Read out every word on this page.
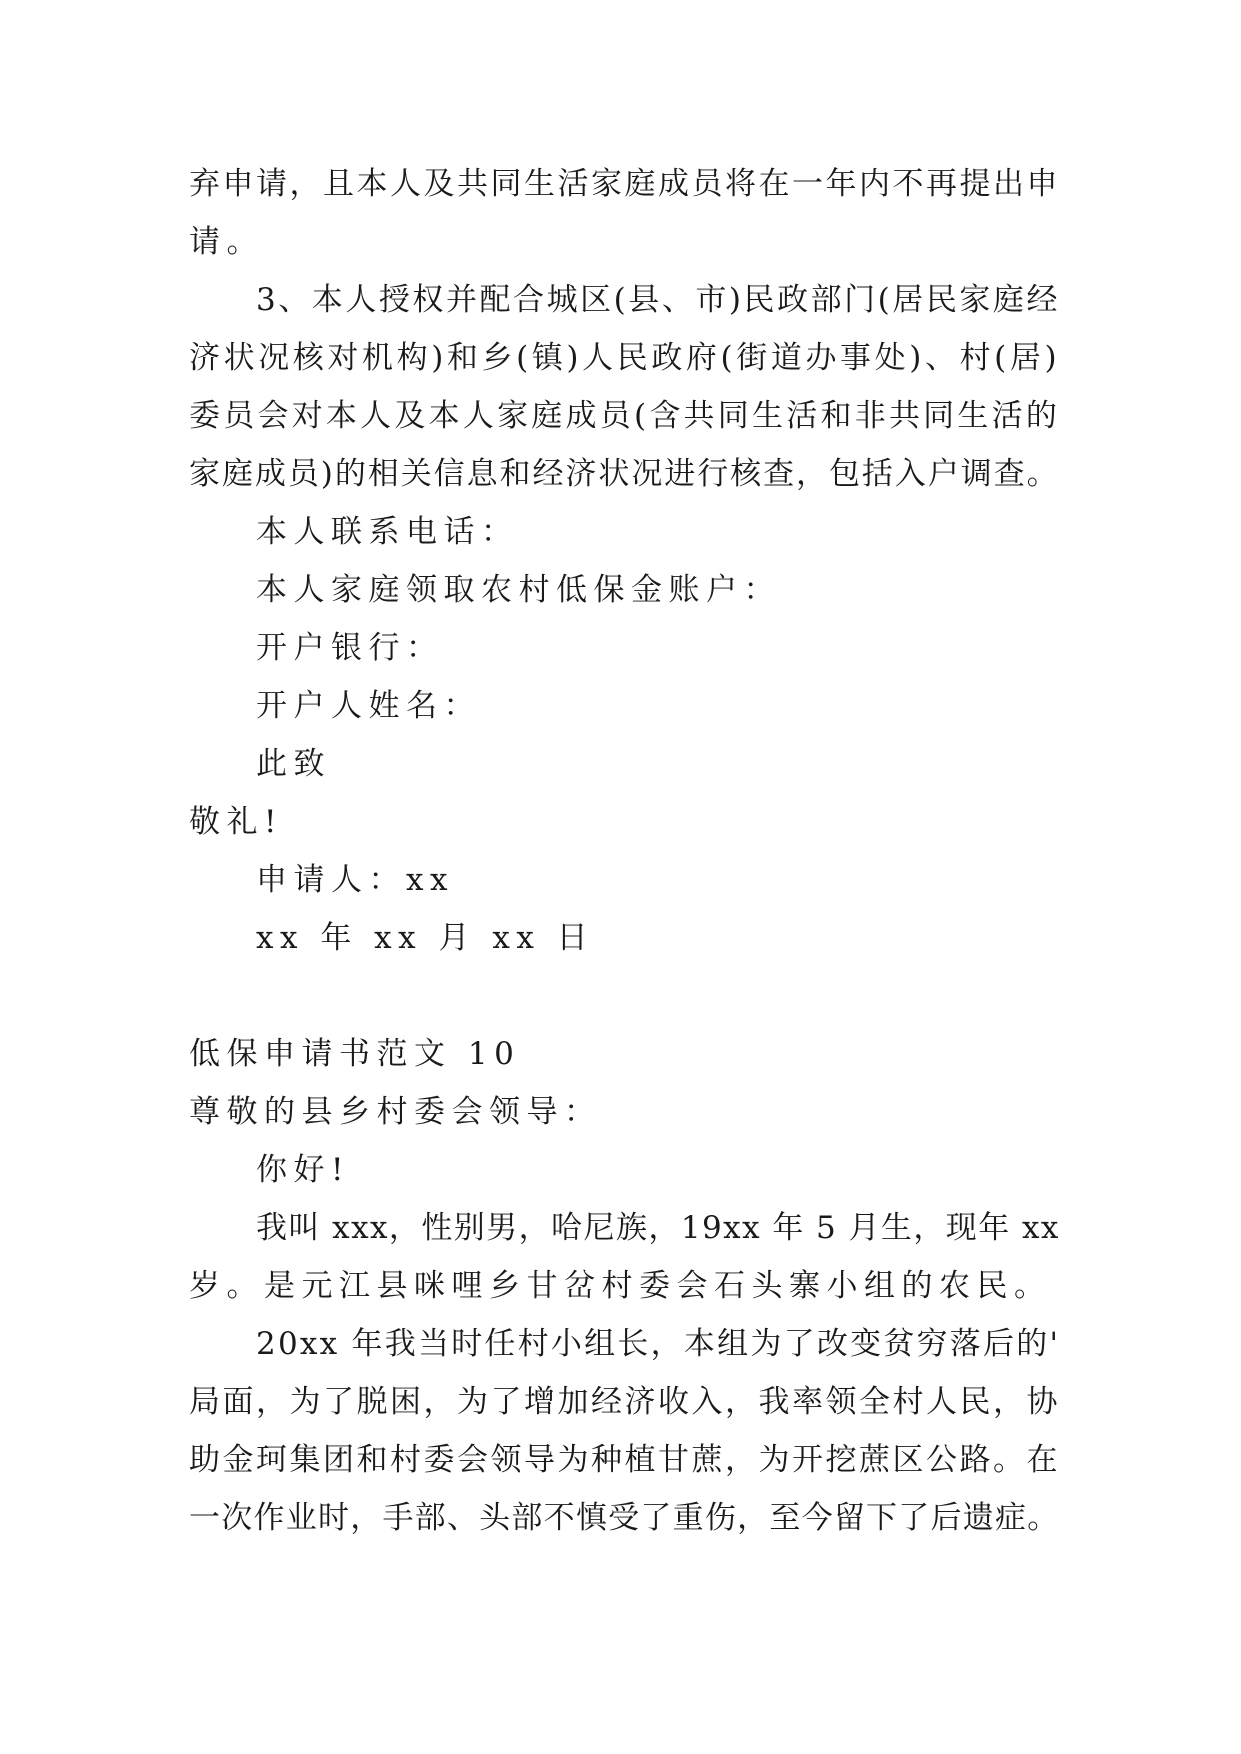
弃申请，且本人及共同生活家庭成员将在一年内不再提出申
请。
3、本人授权并配合城区(县、市)民政部门(居民家庭经
济状况核对机构)和乡(镇)人民政府(街道办事处)、村(居)
委员会对本人及本人家庭成员(含共同生活和非共同生活的
家庭成员)的相关信息和经济状况进行核查，包括入户调查。
本人联系电话：
本人家庭领取农村低保金账户：
开户银行：
开户人姓名：
此致
敬礼!
申请人：xx
xx 年 xx 月 xx 日
低保申请书范文 10
尊敬的县乡村委会领导：
你好!
我叫 xxx，性别男，哈尼族，19xx 年 5 月生，现年 xx
岁。是元江县咪哩乡甘岔村委会石头寨小组的农民。
20xx 年我当时任村小组长，本组为了改变贫穷落后的'
局面，为了脱困，为了增加经济收入，我率领全村人民，协
助金珂集团和村委会领导为种植甘蔗，为开挖蔗区公路。在
一次作业时，手部、头部不慎受了重伤，至今留下了后遗症。
